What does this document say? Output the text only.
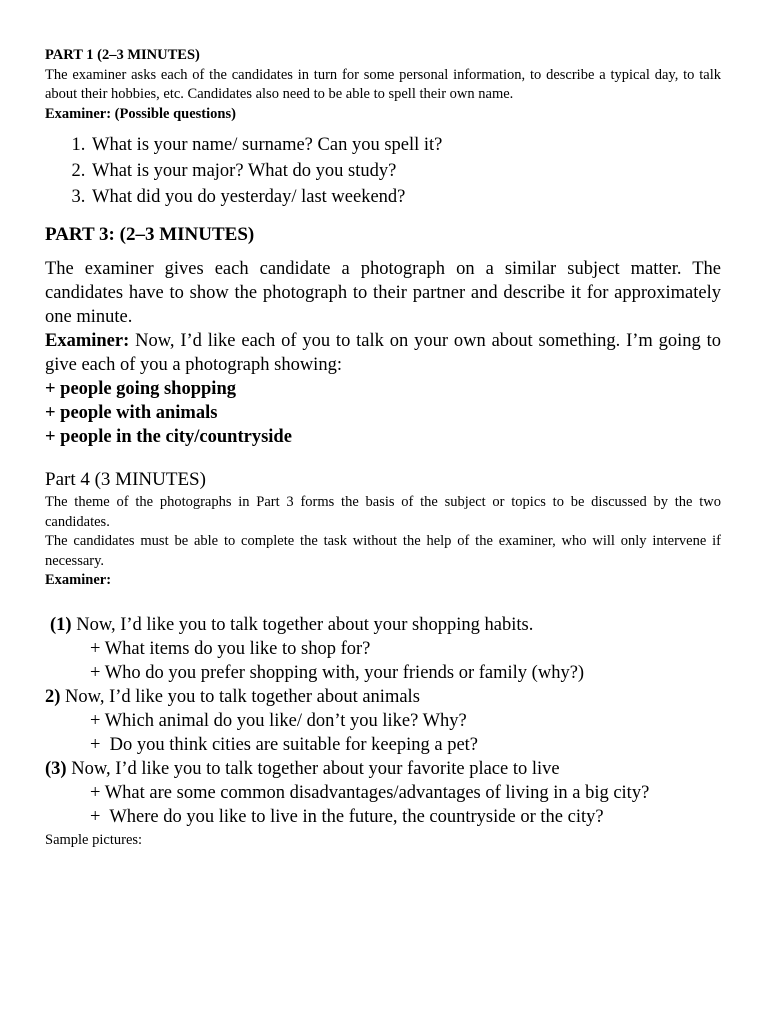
PART 1 (2–3 MINUTES)

The examiner asks each of the candidates in turn for some personal information, to describe a typical day, to talk about their hobbies, etc. Candidates also need to be able to spell their own name.

Examiner: (Possible questions)
1. What is your name/ surname? Can you spell it?
2. What is your major? What do you study?
3. What did you do yesterday/ last weekend?
PART 3: (2–3 MINUTES)

The examiner gives each candidate a photograph on a similar subject matter. The candidates have to show the photograph to their partner and describe it for approximately one minute.

Examiner: Now, I’d like each of you to talk on your own about something. I’m going to give each of you a photograph showing:

+ people going shopping
+ people with animals
+ people in the city/countryside
Part 4 (3 MINUTES)

The theme of the photographs in Part 3 forms the basis of the subject or topics to be discussed by the two candidates.

The candidates must be able to complete the task without the help of the examiner, who will only intervene if necessary.

Examiner:
(1) Now, I’d like you to talk together about your shopping habits.
+ What items do you like to shop for?
+ Who do you prefer shopping with, your friends or family (why?)
2) Now, I’d like you to talk together about animals
+ Which animal do you like/ don’t you like? Why?
+  Do you think cities are suitable for keeping a pet?
(3) Now, I’d like you to talk together about your favorite place to live
+ What are some common disadvantages/advantages of living in a big city?
+  Where do you like to live in the future, the countryside or the city?
Sample pictures:
